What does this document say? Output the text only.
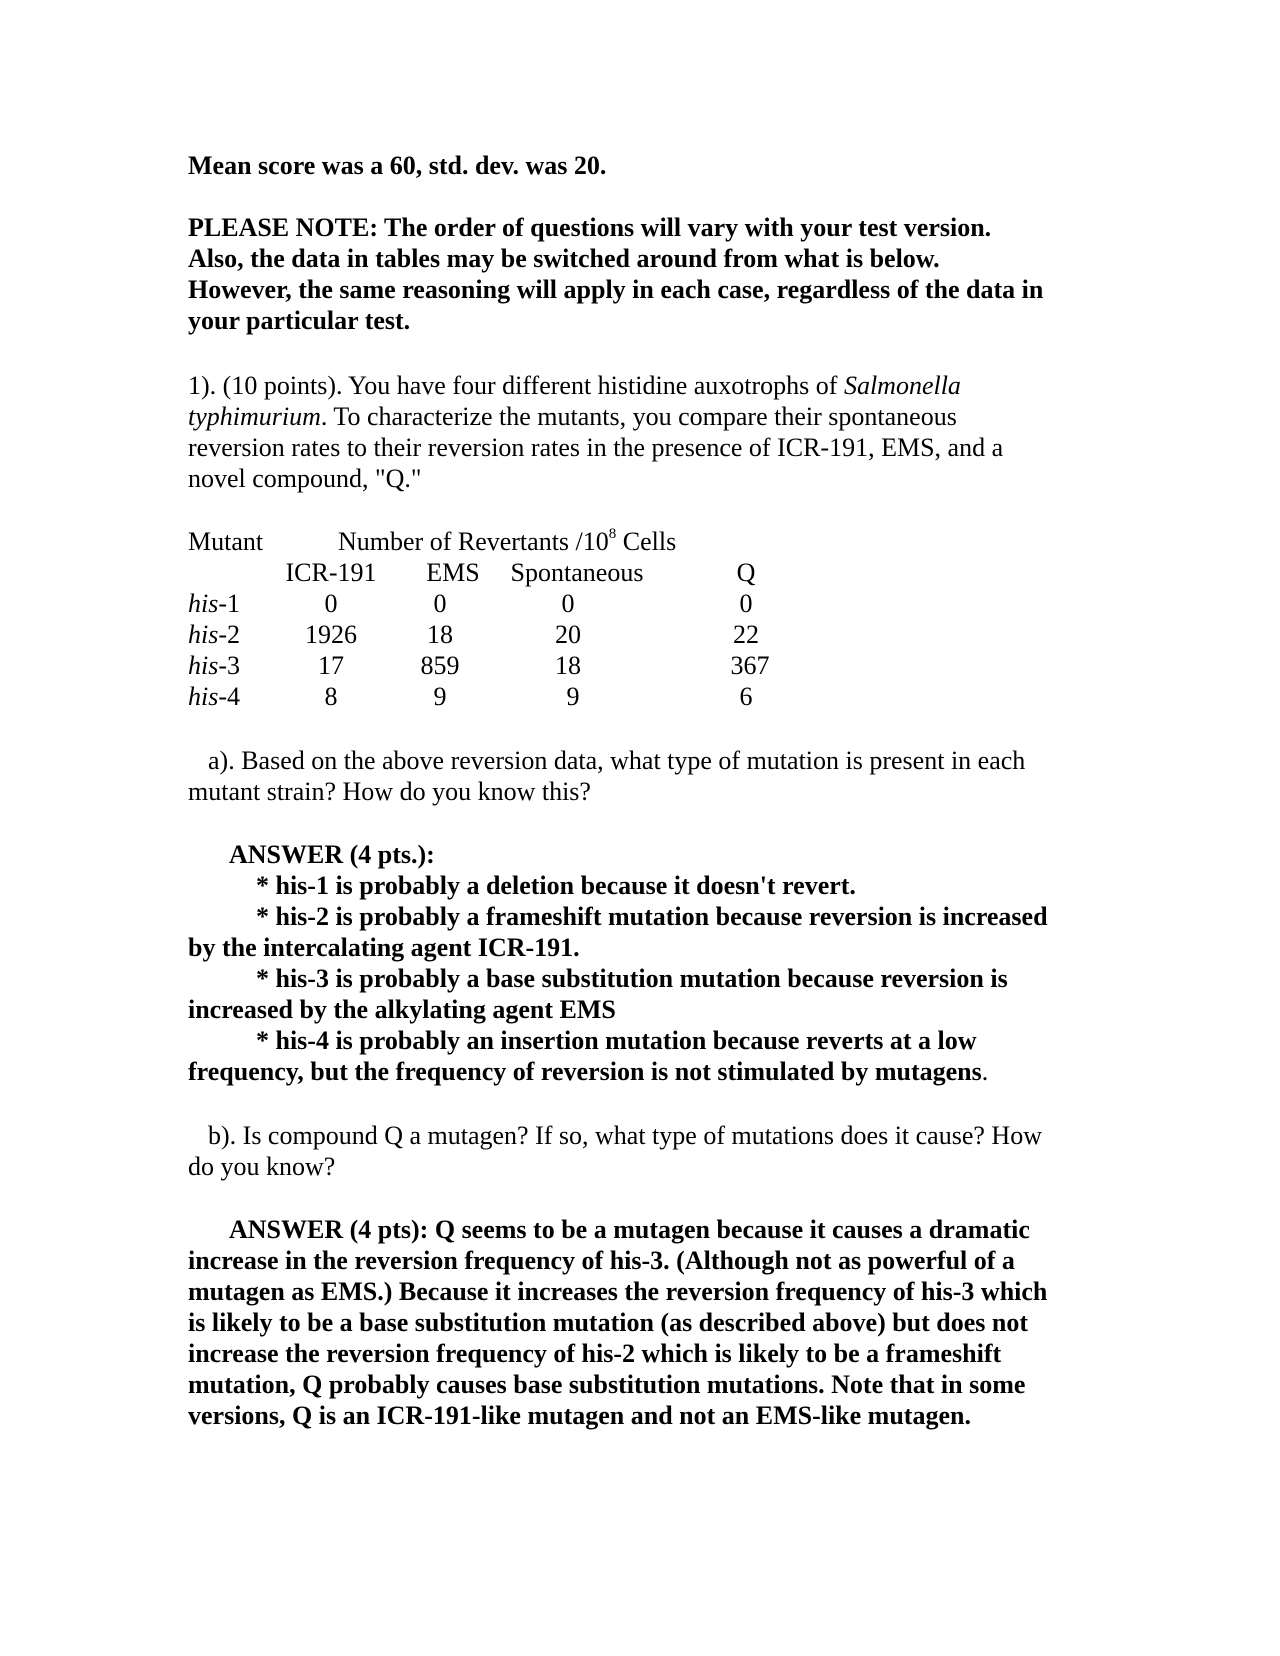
Mean score was a 60, std. dev. was 20.
PLEASE NOTE: The order of questions will vary with your test version.
Also, the data in tables may be switched around from what is below.
However, the same reasoning will apply in each case, regardless of the data in
your particular test.
1). (10 points). You have four different histidine auxotrophs of Salmonella
typhimurium. To characterize the mutants, you compare their spontaneous
reversion rates to their reversion rates in the presence of ICR-191, EMS, and a
novel compound, "Q."
Mutant	Number of Revertants $/10^8$ Cells
ICR-191 EMS Spontaneous	Q
his-1	0	0	0	0
his-2 1926	18	20	22
his-3	17	859	18	367
his-4	8	9	9	6
a). Based on the above reversion data, what type of mutation is present in each
mutant strain? How do you know this?
ANSWER (4 pts.):
* his-1 is probably a deletion because it doesn't revert.
* his-2 is probably a frameshift mutation because reversion is increased
by the intercalating agent ICR-191.
* his-3 is probably a base substitution mutation because reversion is
increased by the alkylating agent EMS
* his-4 is probably an insertion mutation because reverts at a low
frequency, but the frequency of reversion is not stimulated by mutagens.
b). Is compound Q a mutagen? If so, what type of mutations does it cause? How
do you know?
ANSWER (4 pts): Q seems to be a mutagen because it causes a dramatic
increase in the reversion frequency of his-3. (Although not as powerful of a
mutagen as EMS.) Because it increases the reversion frequency of his-3 which
is likely to be a base substitution mutation (as described above) but does not
increase the reversion frequency of his-2 which is likely to be a frameshift
mutation, Q probably causes base substitution mutations. Note that in some
versions, Q is an ICR-191-like mutagen and not an EMS-like mutagen.
